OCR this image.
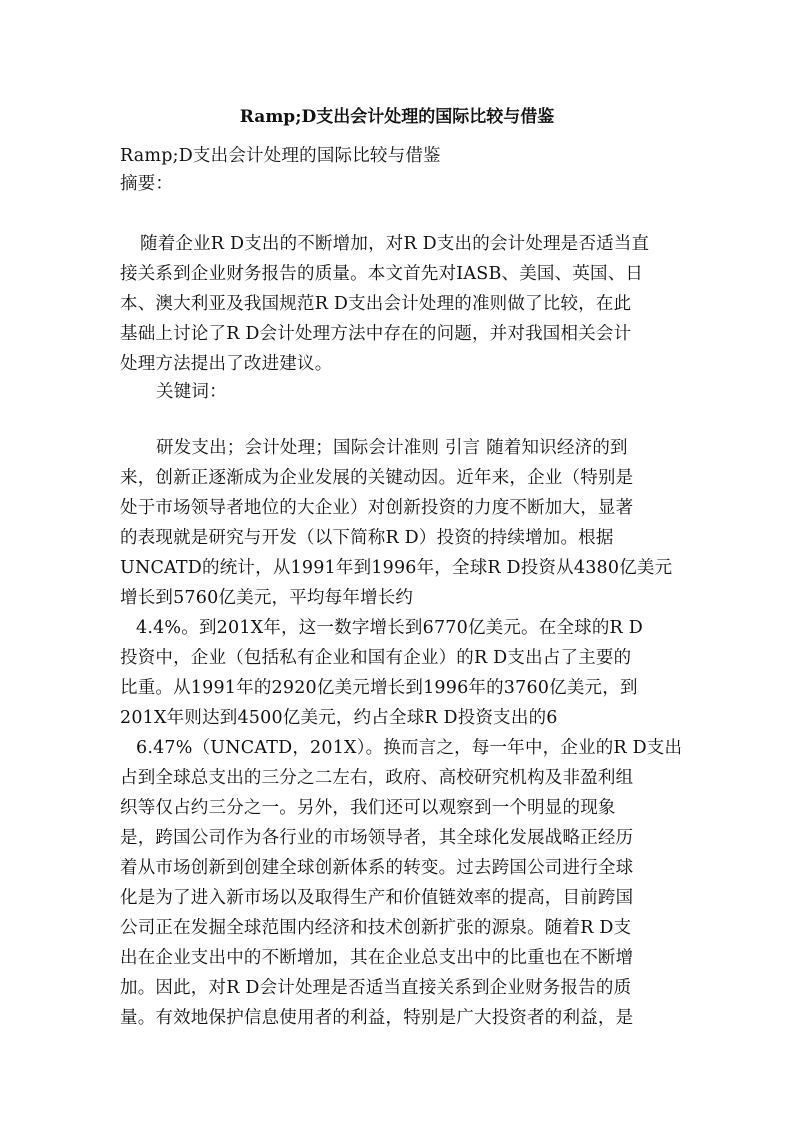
Ramp;D支出会计处理的国际比较与借鉴
Ramp;D支出会计处理的国际比较与借鉴
摘要：
随着企业R D支出的不断增加，对R D支出的会计处理是否适当直
接关系到企业财务报告的质量。本文首先对IASB、美国、英国、日
本、澳大利亚及我国规范R D支出会计处理的准则做了比较，在此
基础上讨论了R D会计处理方法中存在的问题，并对我国相关会计
处理方法提出了改进建议。
关键词：
研发支出；会计处理；国际会计准则 引言 随着知识经济的到
来，创新正逐渐成为企业发展的关键动因。近年来，企业（特别是
处于市场领导者地位的大企业）对创新投资的力度不断加大，显著
的表现就是研究与开发（以下简称R D）投资的持续增加。根据
UNCATD的统计，从1991年到1996年，全球R D投资从4380亿美元
增长到5760亿美元，平均每年增长约
4.4%。到201X年，这一数字增长到6770亿美元。在全球的R D
投资中，企业（包括私有企业和国有企业）的R D支出占了主要的
比重。从1991年的2920亿美元增长到1996年的3760亿美元，到
201X年则达到4500亿美元，约占全球R D投资支出的6
6.47%（UNCATD，201X）。换而言之，每一年中，企业的R D支出
占到全球总支出的三分之二左右，政府、高校研究机构及非盈利组
织等仅占约三分之一。另外，我们还可以观察到一个明显的现象
是，跨国公司作为各行业的市场领导者，其全球化发展战略正经历
着从市场创新到创建全球创新体系的转变。过去跨国公司进行全球
化是为了进入新市场以及取得生产和价值链效率的提高，目前跨国
公司正在发掘全球范围内经济和技术创新扩张的源泉。随着R D支
出在企业支出中的不断增加，其在企业总支出中的比重也在不断增
加。因此，对R D会计处理是否适当直接关系到企业财务报告的质
量。有效地保护信息使用者的利益，特别是广大投资者的利益，是
